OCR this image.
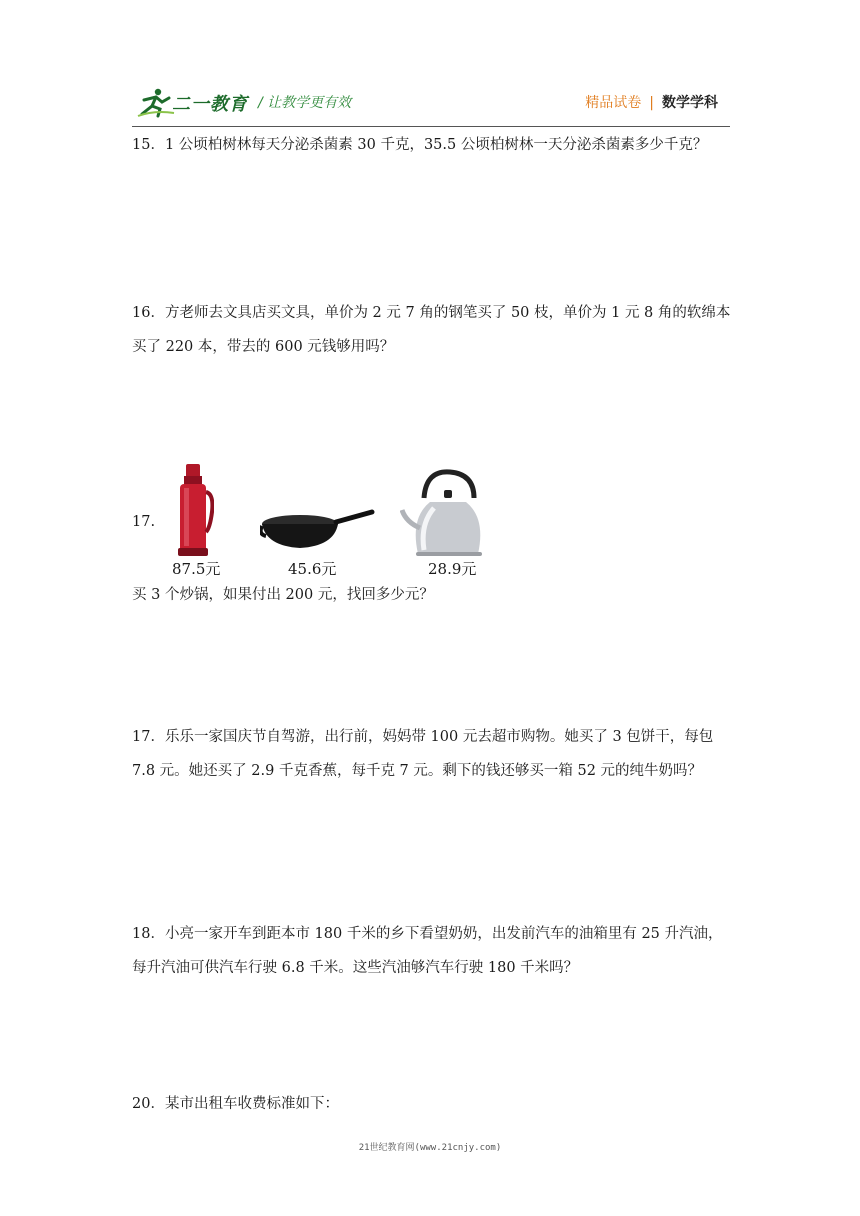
二一教育 / 让教学更有效	精品试卷 | 数学学科
15．1 公顷柏树林每天分泌杀菌素 30 千克，35.5 公顷柏树林一天分泌杀菌素多少千克？
16．方老师去文具店买文具，单价为 2 元 7 角的钢笔买了 50 枝，单价为 1 元 8 角的软绵本
买了 220 本，带去的 600 元钱够用吗？
17.
87.5元	45.6元	28.9元
买 3 个炒锅，如果付出 200 元，找回多少元？
17．乐乐一家国庆节自驾游，出行前，妈妈带 100 元去超市购物。她买了 3 包饼干，每包
7.8 元。她还买了 2.9 千克香蕉，每千克 7 元。剩下的钱还够买一箱 52 元的纯牛奶吗？
18．小亮一家开车到距本市 180 千米的乡下看望奶奶，出发前汽车的油箱里有 25 升汽油，
每升汽油可供汽车行驶 6.8 千米。这些汽油够汽车行驶 180 千米吗？
20．某市出租车收费标准如下：
21世纪教育网(www.21cnjy.com)
